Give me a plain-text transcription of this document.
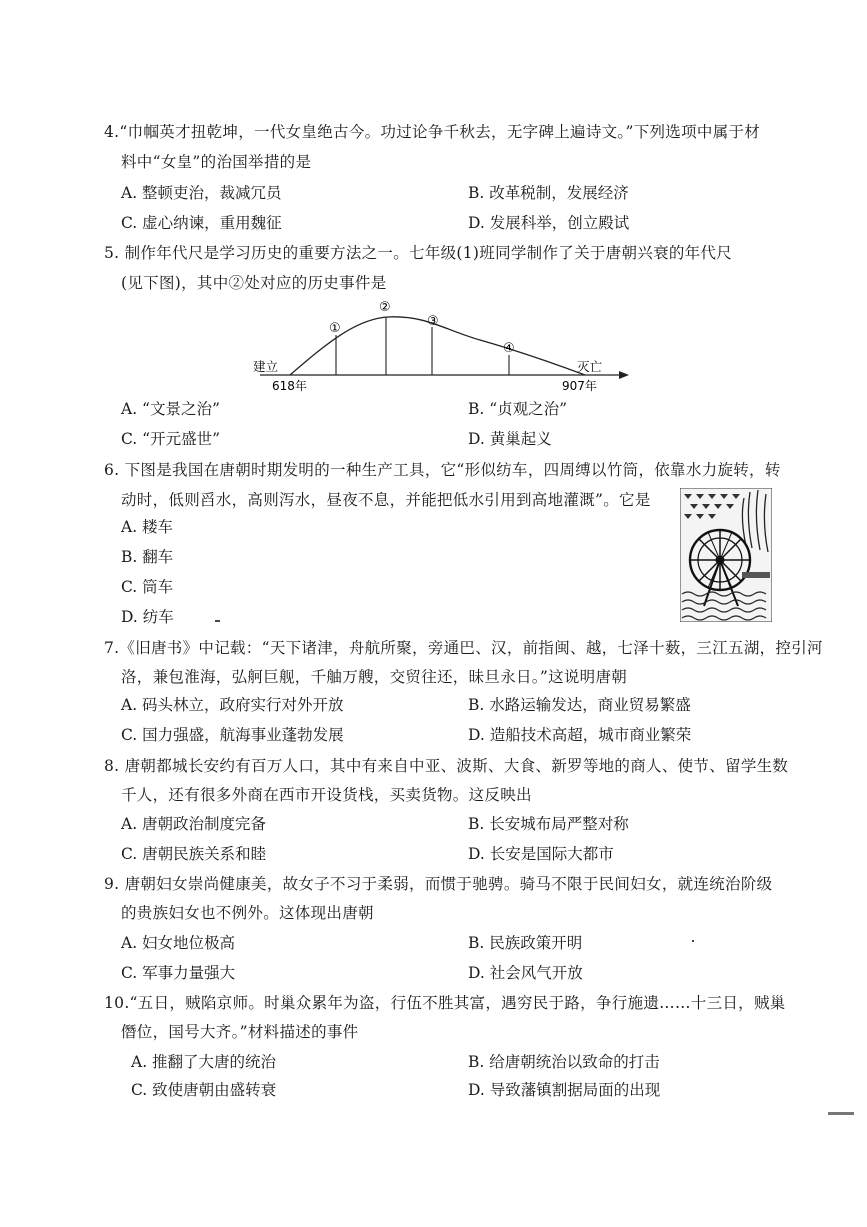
4.“巾帼英才扭乾坤，一代女皇绝古今。功过论争千秋去，无字碑上遍诗文。”下列选项中属于材
料中“女皇”的治国举措的是
A. 整顿吏治，裁减冗员	B. 改革税制，发展经济
C. 虚心纳谏，重用魏征	D. 发展科举，创立殿试
5. 制作年代尺是学习历史的重要方法之一。七年级(1)班同学制作了关于唐朝兴衰的年代尺
(见下图)，其中②处对应的历史事件是
①
②
③
④
建立	灭亡
618年	907年
A. “文景之治”	B. “贞观之治”
C. “开元盛世”	D. 黄巢起义
6. 下图是我国在唐朝时期发明的一种生产工具，它“形似纺车，四周缚以竹筒，依靠水力旋转，转
动时，低则舀水，高则泻水，昼夜不息，并能把低水引用到高地灌溉”。它是
A. 耧车
B. 翻车
C. 筒车
D. 纺车
7.《旧唐书》中记载：“天下诸津，舟航所聚，旁通巴、汉，前指闽、越，七泽十薮，三江五湖，控引河
洛，兼包淮海，弘舸巨舰，千舳万艘，交贸往还，昧旦永日。”这说明唐朝
A. 码头林立，政府实行对外开放	B. 水路运输发达，商业贸易繁盛
C. 国力强盛，航海事业蓬勃发展	D. 造船技术高超，城市商业繁荣
8. 唐朝都城长安约有百万人口，其中有来自中亚、波斯、大食、新罗等地的商人、使节、留学生数
千人，还有很多外商在西市开设货栈，买卖货物。这反映出
A. 唐朝政治制度完备	B. 长安城布局严整对称
C. 唐朝民族关系和睦	D. 长安是国际大都市
9. 唐朝妇女崇尚健康美，故女子不习于柔弱，而惯于驰骋。骑马不限于民间妇女，就连统治阶级
的贵族妇女也不例外。这体现出唐朝
A. 妇女地位极高	B. 民族政策开明
C. 军事力量强大	D. 社会风气开放
10.“五日，贼陷京师。时巢众累年为盗，行伍不胜其富，遇穷民于路，争行施遗……十三日，贼巢
僭位，国号大齐。”材料描述的事件
A. 推翻了大唐的统治	B. 给唐朝统治以致命的打击
C. 致使唐朝由盛转衰	D. 导致藩镇割据局面的出现
